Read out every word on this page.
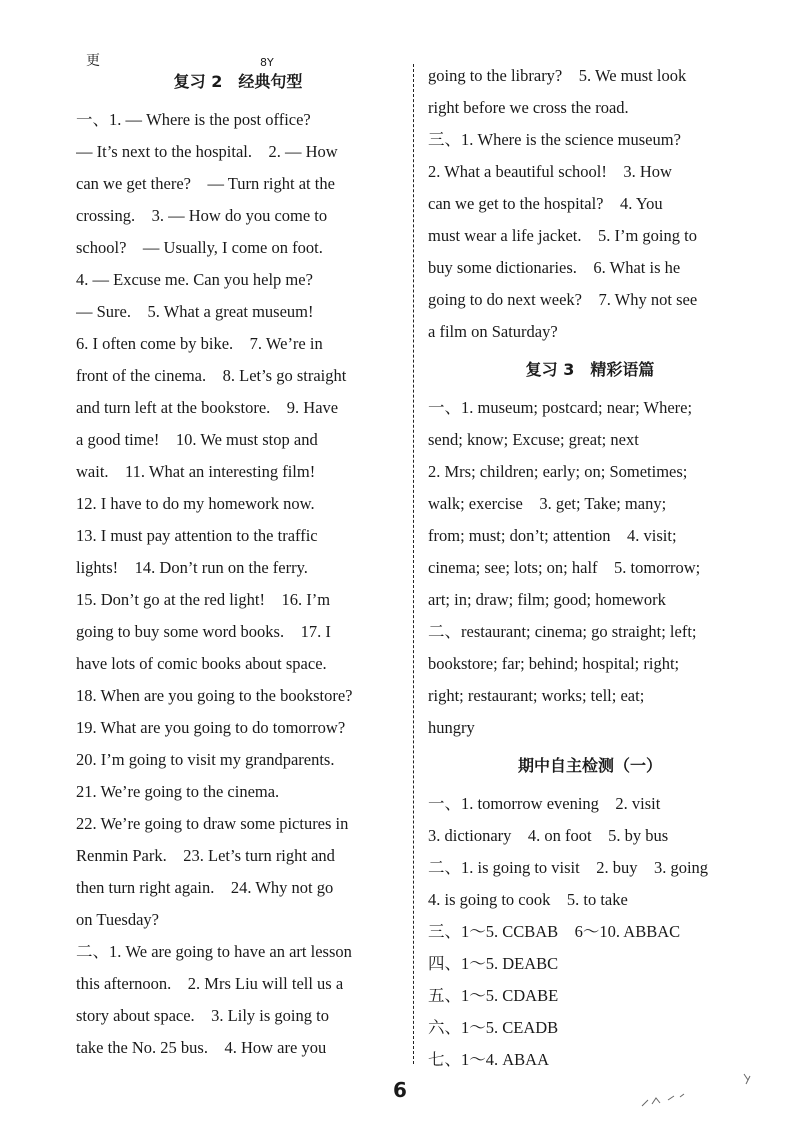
更	8Y
复习 2　经典句型
一、1. — Where is the post office?
— It’s next to the hospital.　2. — How
can we get there?　— Turn right at the
crossing.　3. — How do you come to
school?　— Usually, I come on foot.
4. — Excuse me. Can you help me?
— Sure.　5. What a great museum!
6. I often come by bike.　7. We’re in
front of the cinema.　8. Let’s go straight
and turn left at the bookstore.　9. Have
a good time!　10. We must stop and
wait.　11. What an interesting film!
12. I have to do my homework now.
13. I must pay attention to the traffic
lights!　14. Don’t run on the ferry.
15. Don’t go at the red light!　16. I’m
going to buy some word books.　17. I
have lots of comic books about space.
18. When are you going to the bookstore?
19. What are you going to do tomorrow?
20. I’m going to visit my grandparents.
21. We’re going to the cinema.
22. We’re going to draw some pictures in
Renmin Park.　23. Let’s turn right and
then turn right again.　24. Why not go
on Tuesday?
二、1. We are going to have an art lesson
this afternoon.　2. Mrs Liu will tell us a
story about space.　3. Lily is going to
take the No. 25 bus.　4. How are you
going to the library?　5. We must look
right before we cross the road.
三、1. Where is the science museum?
2. What a beautiful school!　3. How
can we get to the hospital?　4. You
must wear a life jacket.　5. I’m going to
buy some dictionaries.　6. What is he
going to do next week?　7. Why not see
a film on Saturday?
复习 3　精彩语篇
一、1. museum; postcard; near; Where;
send; know; Excuse; great; next
2. Mrs; children; early; on; Sometimes;
walk; exercise　3. get; Take; many;
from; must; don’t; attention　4. visit;
cinema; see; lots; on; half　5. tomorrow;
art; in; draw; film; good; homework
二、restaurant; cinema; go straight; left;
bookstore; far; behind; hospital; right;
right; restaurant; works; tell; eat;
hungry
期中自主检测（一）
一、1. tomorrow evening　2. visit
3. dictionary　4. on foot　5. by bus
二、1. is going to visit　2. buy　3. going
4. is going to cook　5. to take
三、1～5. CCBAB　6～10. ABBAC
四、1～5. DEABC
五、1～5. CDABE
六、1～5. CEADB
七、1～4. ABAA
6
